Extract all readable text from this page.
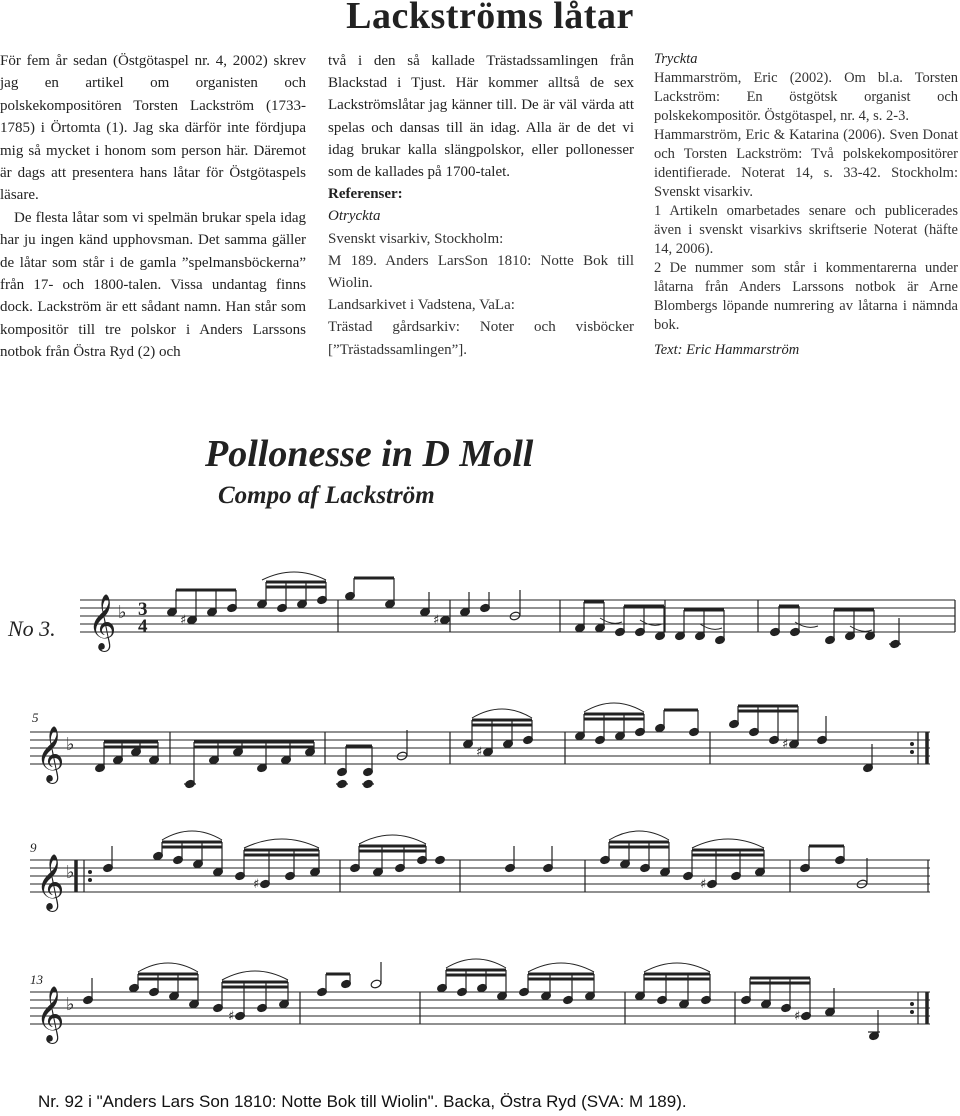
Lackströms låtar

För fem år sedan (Östgötaspel nr. 4, 2002) skrev jag en artikel om organisten och polskekompositören Torsten Lackström (1733-1785) i Örtomta (1). Jag ska därför inte fördjupa mig så mycket i honom som person här. Däremot är dags att presentera hans låtar för Östgötaspels läsare.

De flesta låtar som vi spelmän brukar spela idag har ju ingen känd upphovsman. Det samma gäller de låtar som står i de gamla ”spelmansböckerna” från 17- och 1800-talen. Vissa undantag finns dock. Lackström är ett sådant namn. Han står som kompositör till tre polskor i Anders Larssons notbok från Östra Ryd (2) och

två i den så kallade Trästadssamlingen från Blackstad i Tjust. Här kommer alltså de sex Lackströmslåtar jag känner till. De är väl värda att spelas och dansas till än idag. Alla är de det vi idag brukar kalla slängpolskor, eller pollonesser som de kallades på 1700-talet.

Referenser:

Otryckta

Svenskt visarkiv, Stockholm:

M 189. Anders LarsSon 1810: Notte Bok till Wiolin.

Landsarkivet i Vadstena, VaLa:

Trästad gårdsarkiv: Noter och visböcker [”Trästadssamlingen”].

Tryckta

Hammarström, Eric (2002). Om bl.a. Torsten Lackström: En östgötsk organist och polskekompositör. Östgötaspel, nr. 4, s. 2-3.

Hammarström, Eric & Katarina (2006). Sven Donat och Torsten Lackström: Två polskekompositörer identifierade. Noterat 14, s. 33-42. Stockholm: Svenskt visarkiv.

1 Artikeln omarbetades senare och publicerades även i svenskt visarkivs skriftserie Noterat (häfte 14, 2006).

2 De nummer som står i kommentarerna under låtarna från Anders Larssons notbok är Arne Blombergs löpande numrering av låtarna i nämnda bok.

Text: Eric Hammarström

Pollonesse in D Moll
Compo af Lackström
No 3.
5
9
13
𝄞
𝄞
𝄞
𝄞
♭
♭
♭
♭
3
4	♯	♯
♯
♯
♯	♯
♯	♯
Nr. 92 i "Anders Lars Son 1810: Notte Bok till Wiolin". Backa, Östra Ryd (SVA: M 189).
